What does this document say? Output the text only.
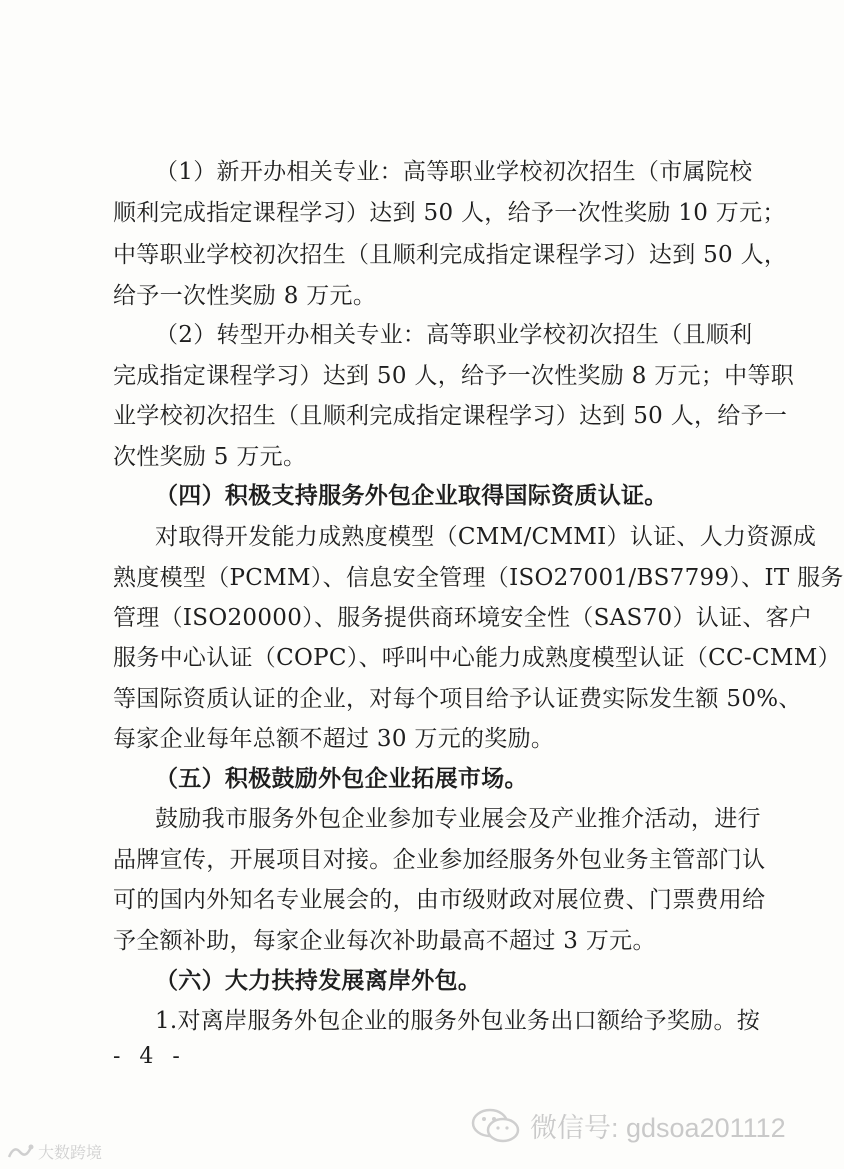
（1）新开办相关专业：高等职业学校初次招生（市属院校
顺利完成指定课程学习）达到 50 人，给予一次性奖励 10 万元；
中等职业学校初次招生（且顺利完成指定课程学习）达到 50 人，
给予一次性奖励 8 万元。
（2）转型开办相关专业：高等职业学校初次招生（且顺利
完成指定课程学习）达到 50 人，给予一次性奖励 8 万元；中等职
业学校初次招生（且顺利完成指定课程学习）达到 50 人，给予一
次性奖励 5 万元。
（四）积极支持服务外包企业取得国际资质认证。
对取得开发能力成熟度模型（CMM/CMMI）认证、人力资源成
熟度模型（PCMM）、信息安全管理（ISO27001/BS7799）、IT 服务
管理（ISO20000）、服务提供商环境安全性（SAS70）认证、客户
服务中心认证（COPC）、呼叫中心能力成熟度模型认证（CC-CMM）
等国际资质认证的企业，对每个项目给予认证费实际发生额 50%、
每家企业每年总额不超过 30 万元的奖励。
（五）积极鼓励外包企业拓展市场。
鼓励我市服务外包企业参加专业展会及产业推介活动，进行
品牌宣传，开展项目对接。企业参加经服务外包业务主管部门认
可的国内外知名专业展会的，由市级财政对展位费、门票费用给
予全额补助，每家企业每次补助最高不超过 3 万元。
（六）大力扶持发展离岸外包。
1.对离岸服务外包企业的服务外包业务出口额给予奖励。按
- 4 -
微信号: gdsoa201112
大数跨境
